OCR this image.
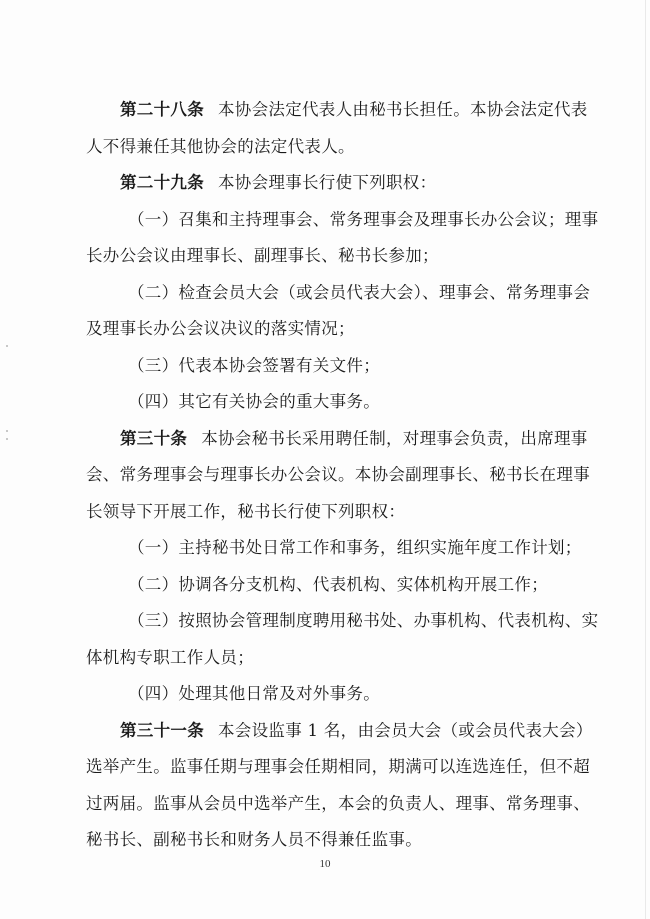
第二十八条 本协会法定代表人由秘书长担任。本协会法定代表
人不得兼任其他协会的法定代表人。
第二十九条 本协会理事长行使下列职权：
（一）召集和主持理事会、常务理事会及理事长办公会议；理事
长办公会议由理事长、副理事长、秘书长参加；
（二）检查会员大会（或会员代表大会）、理事会、常务理事会
及理事长办公会议决议的落实情况；
（三）代表本协会签署有关文件；
（四）其它有关协会的重大事务。
第三十条 本协会秘书长采用聘任制，对理事会负责，出席理事
会、常务理事会与理事长办公会议。本协会副理事长、秘书长在理事
长领导下开展工作，秘书长行使下列职权：
（一）主持秘书处日常工作和事务，组织实施年度工作计划；
（二）协调各分支机构、代表机构、实体机构开展工作；
（三）按照协会管理制度聘用秘书处、办事机构、代表机构、实
体机构专职工作人员；
（四）处理其他日常及对外事务。
第三十一条 本会设监事 1 名，由会员大会（或会员代表大会）
选举产生。监事任期与理事会任期相同，期满可以连选连任，但不超
过两届。监事从会员中选举产生，本会的负责人、理事、常务理事、
秘书长、副秘书长和财务人员不得兼任监事。
10
